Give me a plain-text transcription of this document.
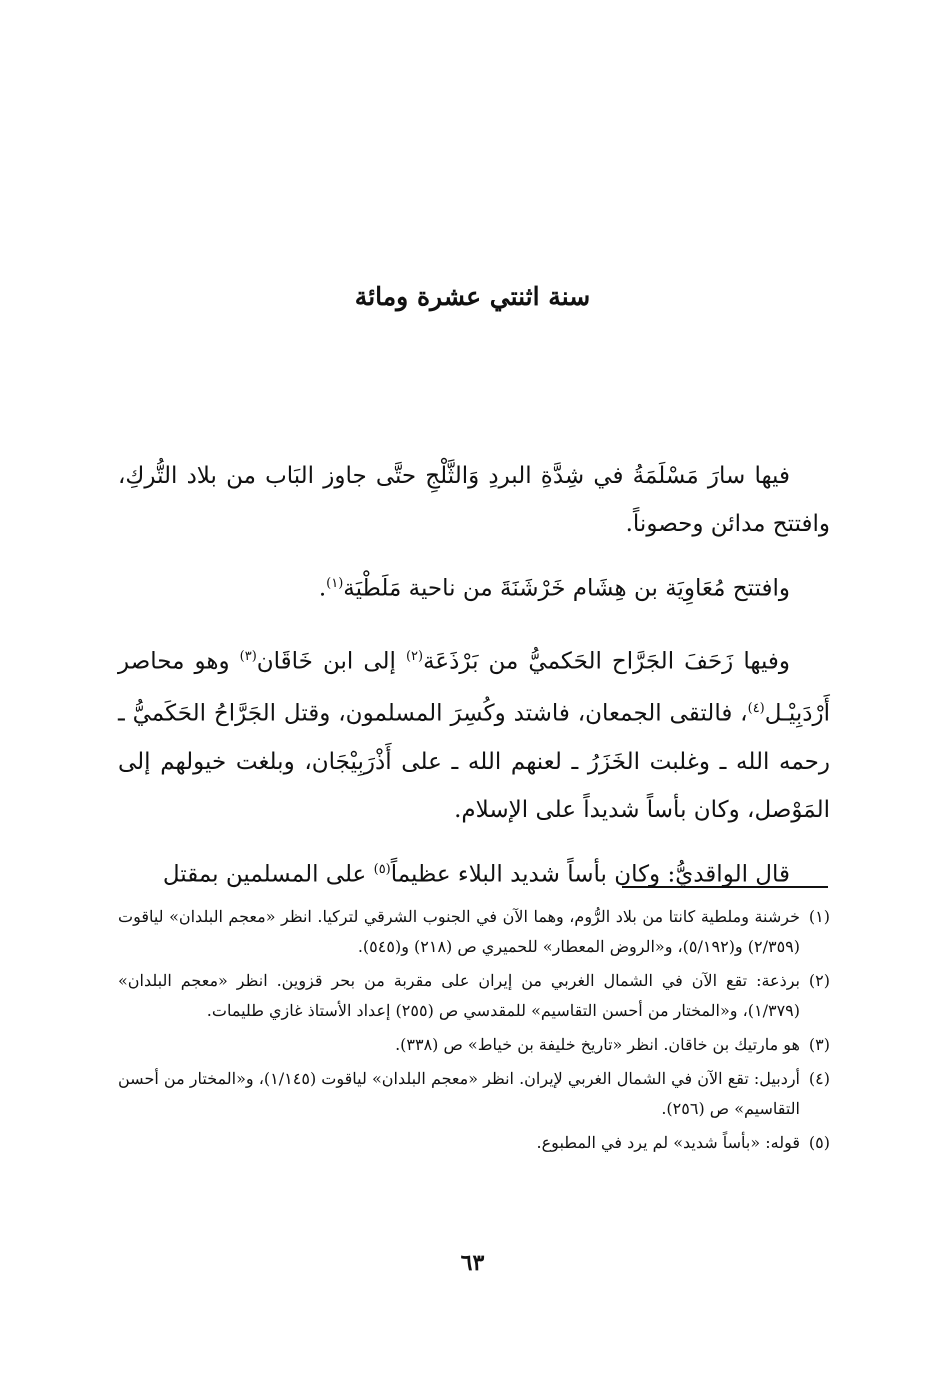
سنة اثنتي عشرة ومائة

فيها سارَ مَسْلَمَةُ في شِدَّةِ البردِ وَالثَّلْجِ حتَّى جاوز البَاب من بلاد التُّركِ، وافتتح مدائن وحصوناً.

وافتتح مُعَاوِيَة بن هِشَام خَرْشَنَةَ من ناحية مَلَطْيَة$^{(١)}$.

وفيها زَحَفَ الجَرَّاح الحَكميُّ من بَرْذَعَة$^{(٢)}$ إلى ابن خَاقَان$^{(٣)}$ وهو محاصر أَرْدَبِيْـل$^{(٤)}$، فالتقى الجمعان، فاشتد وكُسِرَ المسلمون، وقتل الجَرَّاحُ الحَكَميُّ ـ رحمه الله ـ وغلبت الخَزَرُ ـ لعنهم الله ـ على أَذْرَبِيْجَان، وبلغت خيولهم إلى المَوْصل، وكان بأساً شديداً على الإسلام.

قال الواقديُّ: وكان بأساً شديد البلاء عظيماً$^{(٥)}$ على المسلمين بمقتل

(١)خرشنة وملطية كانتا من بلاد الرُّوم، وهما الآن في الجنوب الشرقي لتركيا. انظر «معجم البلدان» لياقوت (٢/٣٥٩) و(٥/١٩٢)، و«الروض المعطار» للحميري ص (٢١٨) و(٥٤٥).

(٢)برذعة: تقع الآن في الشمال الغربي من إيران على مقربة من بحر قزوين. انظر «معجم البلدان» (١/٣٧٩)، و«المختار من أحسن التقاسيم» للمقدسي ص (٢٥٥) إعداد الأستاذ غازي طليمات.

(٣)هو مارتيك بن خاقان. انظر «تاريخ خليفة بن خياط» ص (٣٣٨).

(٤)أردبيل: تقع الآن في الشمال الغربي لإيران. انظر «معجم البلدان» لياقوت (١/١٤٥)، و«المختار من أحسن التقاسيم» ص (٢٥٦).

(٥)قوله: «بأساً شديد» لم يرد في المطبوع.

٦٣
